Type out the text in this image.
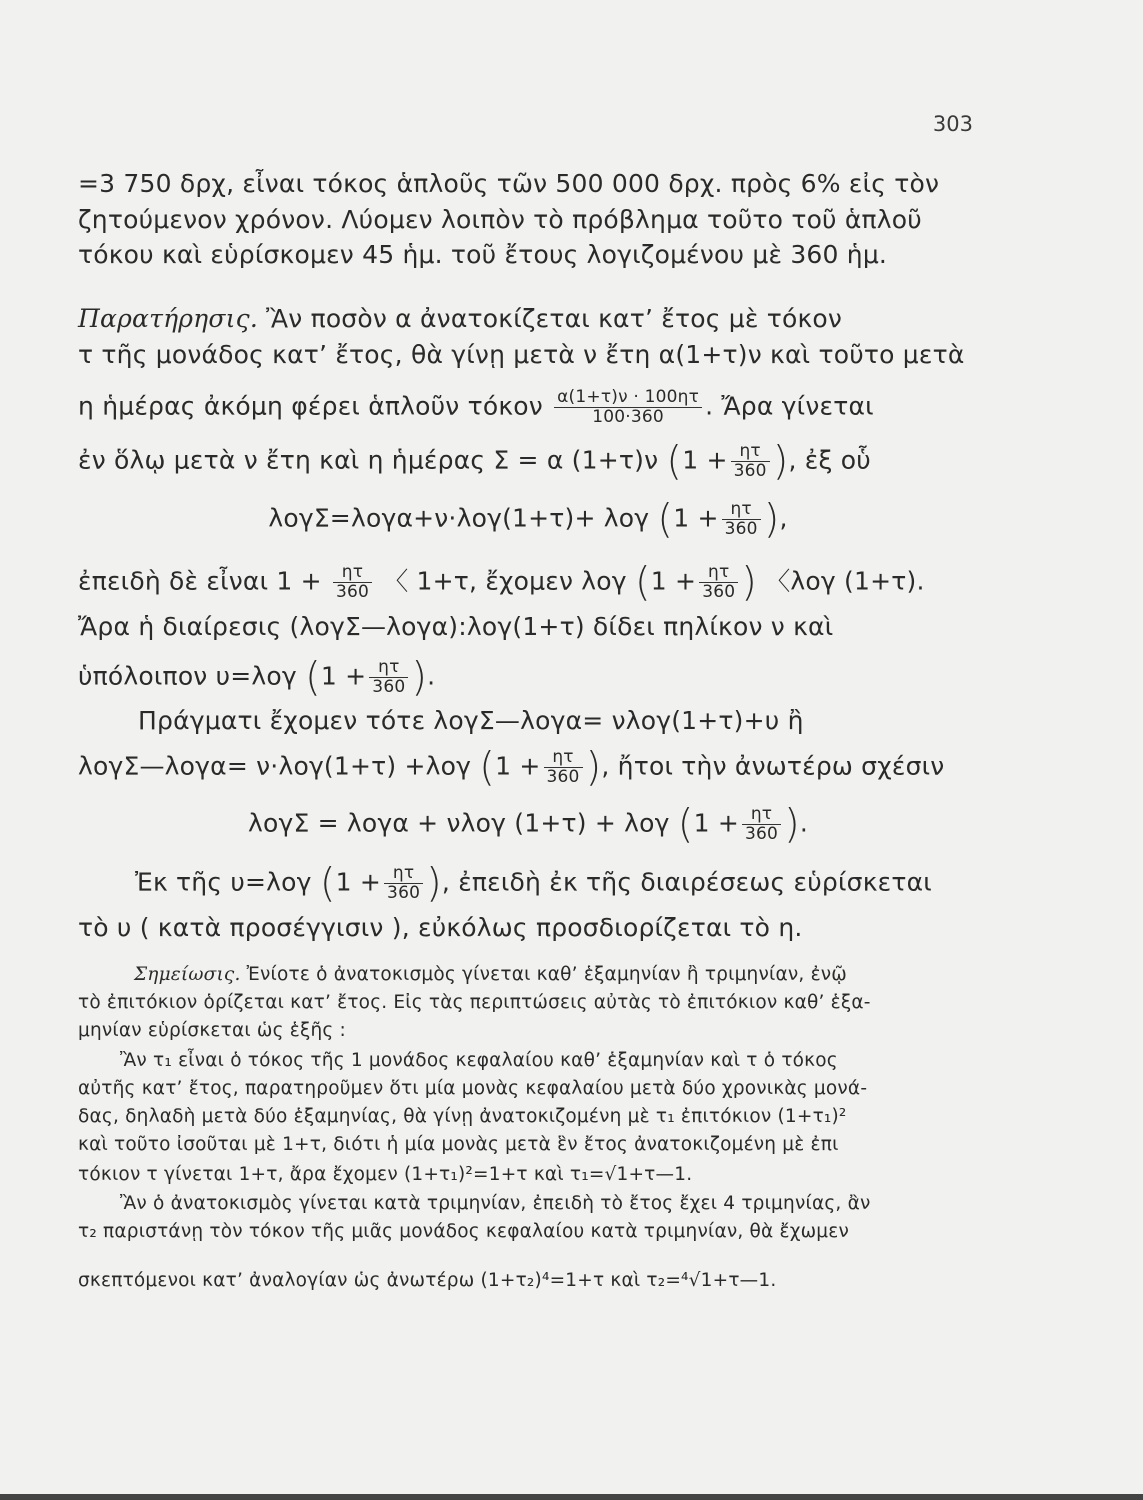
303
=3 750 δρχ, εἶναι τόκος ἁπλοῦς τῶν 500 000 δρχ. πρὸς 6% εἰς τὸν
ζητούμενον χρόνον. Λύομεν λοιπὸν τὸ πρόβλημα τοῦτο τοῦ ἁπλοῦ
τόκου καὶ εὑρίσκομεν 45 ἡμ. τοῦ ἔτους λογιζομένου μὲ 360 ἡμ.
Παρατήρησις. Ἂν ποσὸν α ἀνατοκίζεται κατ’ ἔτος μὲ τόκον
τ τῆς μονάδος κατ’ ἔτος, θὰ γίνῃ μετὰ ν ἔτη α(1+τ)ν καὶ τοῦτο μετὰ
η ἡμέρας ἀκόμη φέρει ἁπλοῦν τόκον $\frac{\alpha(1+\tau)\nu \cdot 100\eta\tau}{100\cdot 360}$ . Ἄρα γίνεται
ἐν ὅλῳ μετὰ ν ἔτη καὶ η ἡμέρας Σ = α (1+τ)ν ($1 + \frac{\eta\tau}{360}$ ), ἐξ οὗ
λογΣ=λογα+ν·λογ(1+τ)+ λογ ($1 + \frac{\eta\tau}{360}$ ),
ἐπειδὴ δὲ εἶναι $1 + \frac{\eta\tau}{360}$ 〈 1+τ, ἔχομεν λογ ($1 + \frac{\eta\tau}{360}$ ) 〈λογ (1+τ).
Ἄρα ἡ διαίρεσις (λογΣ—λογα):λογ(1+τ) δίδει πηλίκον ν καὶ
ὑπόλοιπον υ=λογ ($1 + \frac{\eta\tau}{360}$ ).
Πράγματι ἔχομεν τότε λογΣ—λογα= νλογ(1+τ)+υ ἢ
λογΣ—λογα= ν·λογ(1+τ) +λογ ($1 + \frac{\eta\tau}{360}$ ), ἤτοι τὴν ἀνωτέρω σχέσιν
λογΣ = λογα + νλογ (1+τ) + λογ ($1 + \frac{\eta\tau}{360}$ ).
Ἐκ τῆς υ=λογ ($1 + \frac{\eta\tau}{360}$ ), ἐπειδὴ ἐκ τῆς διαιρέσεως εὑρίσκεται
τὸ υ ( κατὰ προσέγγισιν ), εὐκόλως προσδιορίζεται τὸ η.
Σημείωσις. Ἐνίοτε ὁ ἀνατοκισμὸς γίνεται καθ’ ἑξαμηνίαν ἢ τριμηνίαν, ἐνῷ
τὸ ἐπιτόκιον ὁρίζεται κατ’ ἔτος. Εἰς τὰς περιπτώσεις αὐτὰς τὸ ἐπιτόκιον καθ’ ἑξα-
μηνίαν εὑρίσκεται ὡς ἑξῆς :
Ἂν τ₁ εἶναι ὁ τόκος τῆς 1 μονάδος κεφαλαίου καθ’ ἑξαμηνίαν καὶ τ ὁ τόκος
αὐτῆς κατ’ ἔτος, παρατηροῦμεν ὅτι μία μονὰς κεφαλαίου μετὰ δύο χρονικὰς μονά-
δας, δηλαδὴ μετὰ δύο ἑξαμηνίας, θὰ γίνῃ ἀνατοκιζομένη μὲ τ₁ ἐπιτόκιον (1+τ₁)²
καὶ τοῦτο ἰσοῦται μὲ 1+τ, διότι ἡ μία μονὰς μετὰ ἓν ἔτος ἀνατοκιζομένη μὲ ἐπι
τόκιον τ γίνεται 1+τ, ἄρα ἔχομεν (1+τ₁)²=1+τ καὶ τ₁=√1+τ—1.
Ἂν ὁ ἀνατοκισμὸς γίνεται κατὰ τριμηνίαν, ἐπειδὴ τὸ ἔτος ἔχει 4 τριμηνίας, ἂν
τ₂ παριστάνῃ τὸν τόκον τῆς μιᾶς μονάδος κεφαλαίου κατὰ τριμηνίαν, θὰ ἔχωμεν
σκεπτόμενοι κατ’ ἀναλογίαν ὡς ἀνωτέρω (1+τ₂)⁴=1+τ καὶ τ₂=⁴√1+τ—1.
